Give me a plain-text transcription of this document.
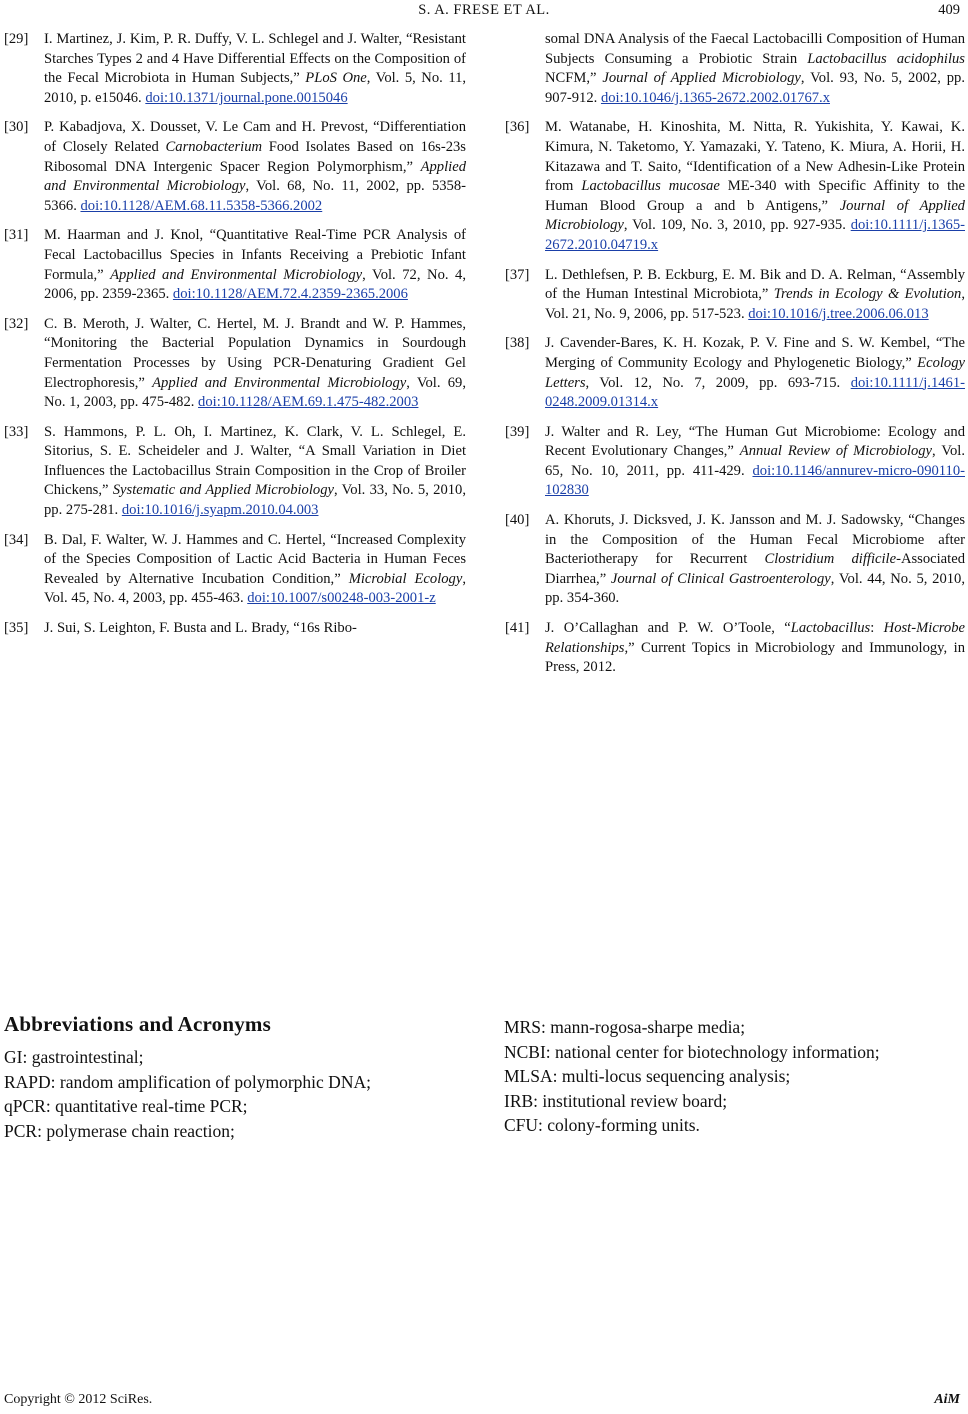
S. A. FRESE ET AL.	409
[29] I. Martinez, J. Kim, P. R. Duffy, V. L. Schlegel and J. Walter, “Resistant Starches Types 2 and 4 Have Differential Effects on the Composition of the Fecal Microbiota in Human Subjects,” PLoS One, Vol. 5, No. 11, 2010, p. e15046. doi:10.1371/journal.pone.0015046
[30] P. Kabadjova, X. Dousset, V. Le Cam and H. Prevost, “Differentiation of Closely Related Carnobacterium Food Isolates Based on 16s-23s Ribosomal DNA Intergenic Spacer Region Polymorphism,” Applied and Environmental Microbiology, Vol. 68, No. 11, 2002, pp. 5358-5366. doi:10.1128/AEM.68.11.5358-5366.2002
[31] M. Haarman and J. Knol, “Quantitative Real-Time PCR Analysis of Fecal Lactobacillus Species in Infants Receiving a Prebiotic Infant Formula,” Applied and Environmental Microbiology, Vol. 72, No. 4, 2006, pp. 2359-2365. doi:10.1128/AEM.72.4.2359-2365.2006
[32] C. B. Meroth, J. Walter, C. Hertel, M. J. Brandt and W. P. Hammes, “Monitoring the Bacterial Population Dynamics in Sourdough Fermentation Processes by Using PCR-Denaturing Gradient Gel Electrophoresis,” Applied and Environmental Microbiology, Vol. 69, No. 1, 2003, pp. 475-482. doi:10.1128/AEM.69.1.475-482.2003
[33] S. Hammons, P. L. Oh, I. Martinez, K. Clark, V. L. Schlegel, E. Sitorius, S. E. Scheideler and J. Walter, “A Small Variation in Diet Influences the Lactobacillus Strain Composition in the Crop of Broiler Chickens,” Systematic and Applied Microbiology, Vol. 33, No. 5, 2010, pp. 275-281. doi:10.1016/j.syapm.2010.04.003
[34] B. Dal, F. Walter, W. J. Hammes and C. Hertel, “Increased Complexity of the Species Composition of Lactic Acid Bacteria in Human Feces Revealed by Alternative Incubation Condition,” Microbial Ecology, Vol. 45, No. 4, 2003, pp. 455-463. doi:10.1007/s00248-003-2001-z
[35] J. Sui, S. Leighton, F. Busta and L. Brady, “16s Ribo-
somal DNA Analysis of the Faecal Lactobacilli Composition of Human Subjects Consuming a Probiotic Strain Lactobacillus acidophilus NCFM,” Journal of Applied Microbiology, Vol. 93, No. 5, 2002, pp. 907-912. doi:10.1046/j.1365-2672.2002.01767.x
[36] M. Watanabe, H. Kinoshita, M. Nitta, R. Yukishita, Y. Kawai, K. Kimura, N. Taketomo, Y. Yamazaki, Y. Tateno, K. Miura, A. Horii, H. Kitazawa and T. Saito, “Identification of a New Adhesin-Like Protein from Lactobacillus mucosae ME-340 with Specific Affinity to the Human Blood Group a and b Antigens,” Journal of Applied Microbiology, Vol. 109, No. 3, 2010, pp. 927-935. doi:10.1111/j.1365-2672.2010.04719.x
[37] L. Dethlefsen, P. B. Eckburg, E. M. Bik and D. A. Relman, “Assembly of the Human Intestinal Microbiota,” Trends in Ecology & Evolution, Vol. 21, No. 9, 2006, pp. 517-523. doi:10.1016/j.tree.2006.06.013
[38] J. Cavender-Bares, K. H. Kozak, P. V. Fine and S. W. Kembel, “The Merging of Community Ecology and Phylogenetic Biology,” Ecology Letters, Vol. 12, No. 7, 2009, pp. 693-715. doi:10.1111/j.1461-0248.2009.01314.x
[39] J. Walter and R. Ley, “The Human Gut Microbiome: Ecology and Recent Evolutionary Changes,” Annual Review of Microbiology, Vol. 65, No. 10, 2011, pp. 411-429. doi:10.1146/annurev-micro-090110-102830
[40] A. Khoruts, J. Dicksved, J. K. Jansson and M. J. Sadowsky, “Changes in the Composition of the Human Fecal Microbiome after Bacteriotherapy for Recurrent Clostridium difficile-Associated Diarrhea,” Journal of Clinical Gastroenterology, Vol. 44, No. 5, 2010, pp. 354-360.
[41] J. O’Callaghan and P. W. O’Toole, “Lactobacillus: Host-Microbe Relationships,” Current Topics in Microbiology and Immunology, in Press, 2012.
Abbreviations and Acronyms
GI: gastrointestinal;
RAPD: random amplification of polymorphic DNA;
qPCR: quantitative real-time PCR;
PCR: polymerase chain reaction;
MRS: mann-rogosa-sharpe media;
NCBI: national center for biotechnology information;
MLSA: multi-locus sequencing analysis;
IRB: institutional review board;
CFU: colony-forming units.
Copyright © 2012 SciRes.	AiM
